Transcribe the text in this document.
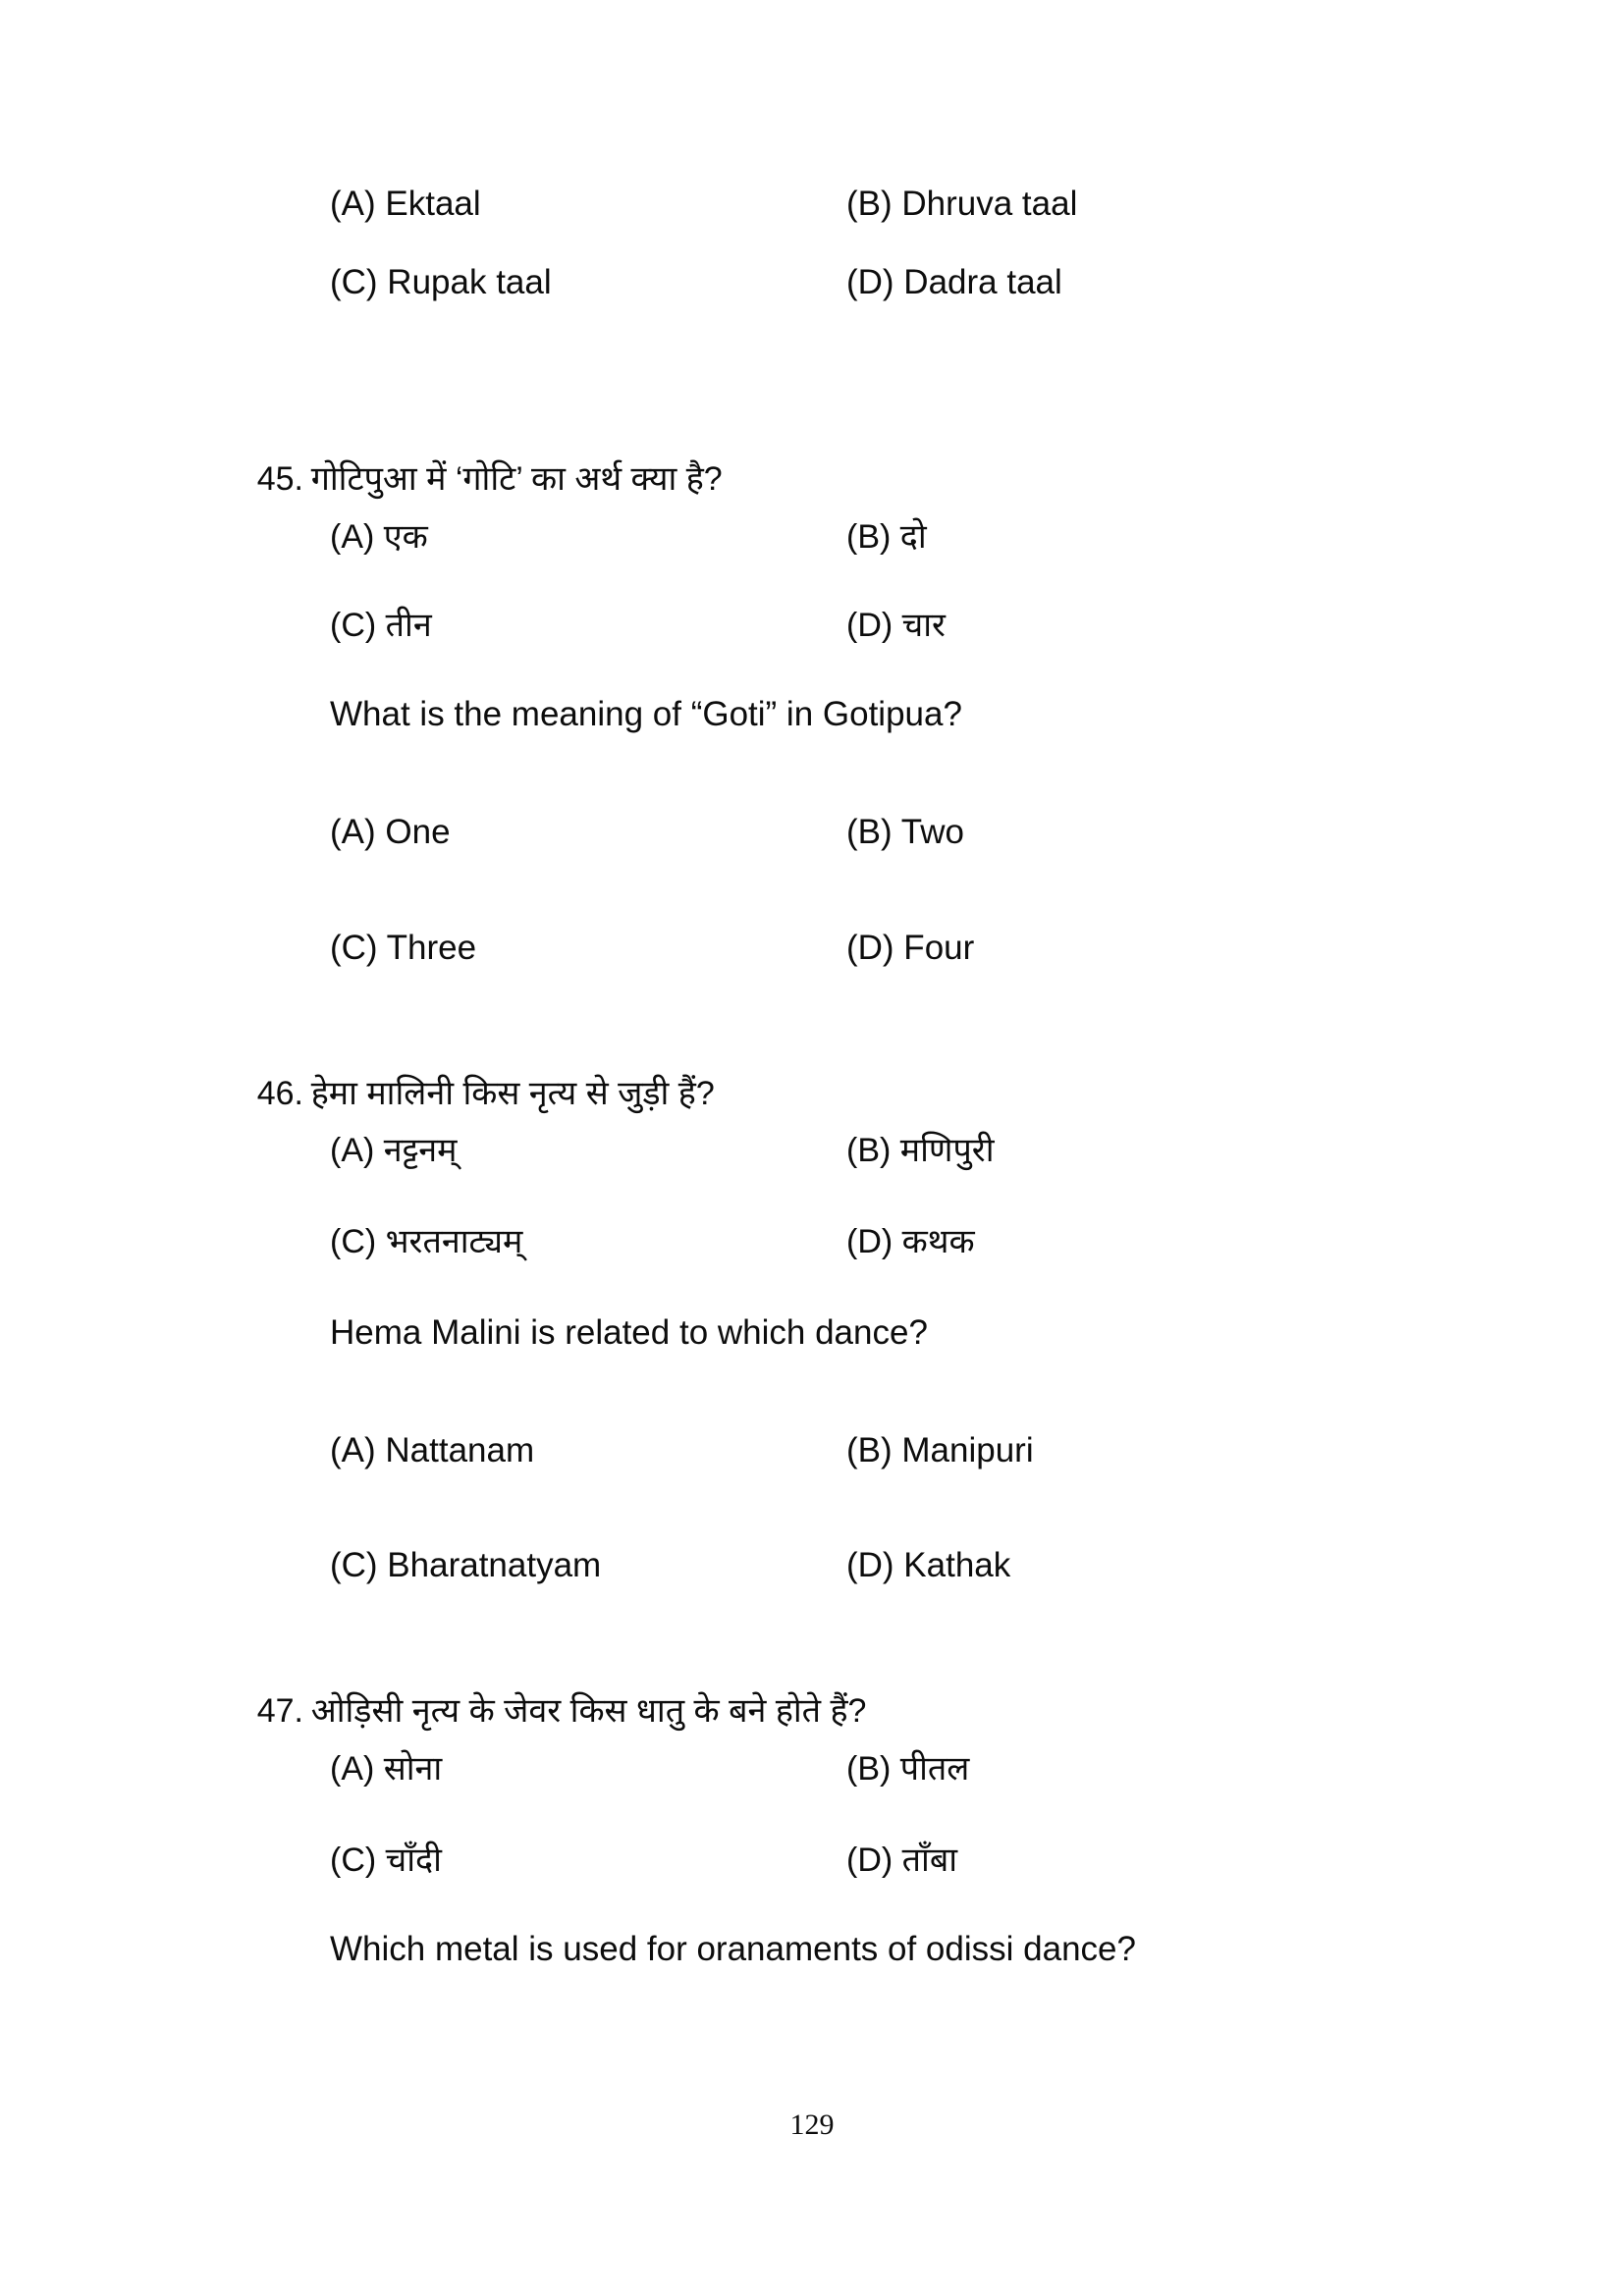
(A) Ektaal	(B) Dhruva taal
(C) Rupak taal	(D) Dadra taal

45. गोटिपुआ में ‘गोटि’ का अर्थ क्या है?

(A) एक	(B) दो
(C) तीन	(D) चार
What is the meaning of “Goti” in Gotipua?
(A) One	(B) Two
(C) Three	(D) Four

46. हेमा मालिनी किस नृत्य से जुड़ी हैं?

(A) नट्टनम्	(B) मणिपुरी
(C) भरतनाट्यम्	(D) कथक
Hema Malini is related to which dance?
(A) Nattanam	(B) Manipuri
(C) Bharatnatyam	(D) Kathak

47. ओड़िसी नृत्य के जेवर किस धातु के बने होते हैं?

(A) सोना	(B) पीतल
(C) चाँदी	(D) ताँबा
Which metal is used for oranaments of odissi dance?
129
